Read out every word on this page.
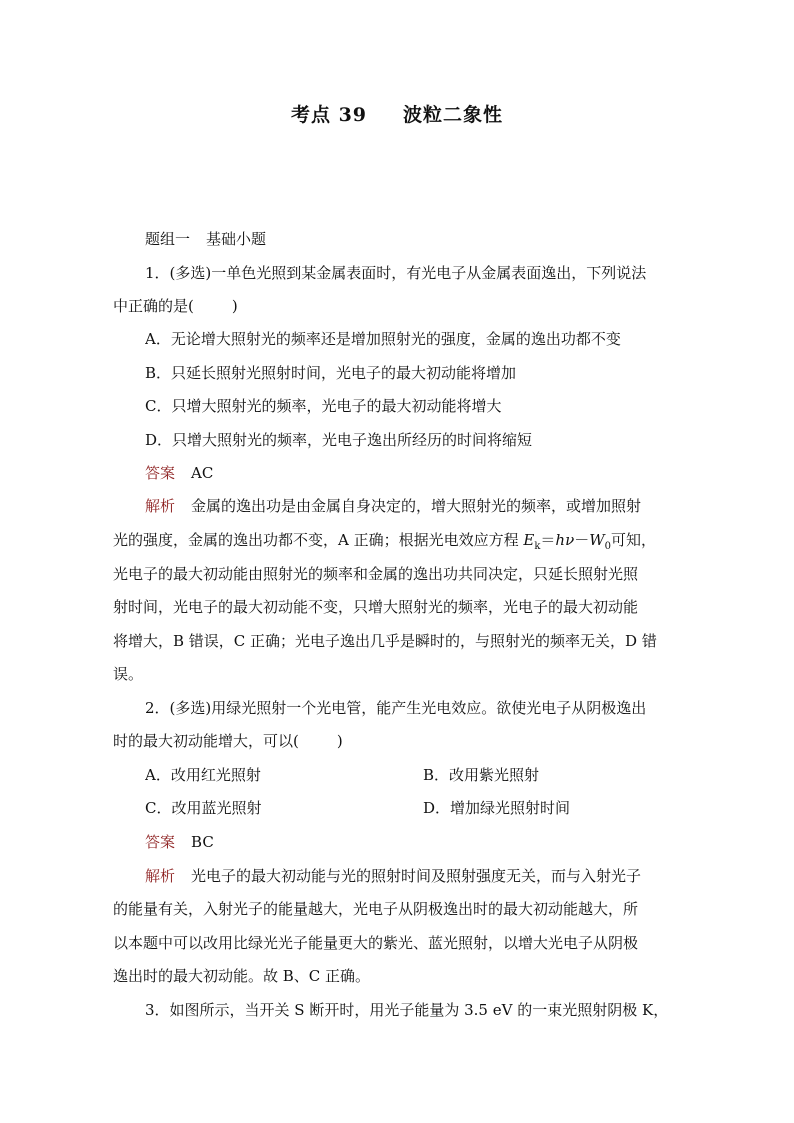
考点 39 波粒二象性
题组一 基础小题
1．(多选)一单色光照到某金属表面时，有光电子从金属表面逸出，下列说法
中正确的是(	)
A．无论增大照射光的频率还是增加照射光的强度，金属的逸出功都不变
B．只延长照射光照射时间，光电子的最大初动能将增加
C．只增大照射光的频率，光电子的最大初动能将增大
D．只增大照射光的频率，光电子逸出所经历的时间将缩短
答案 AC
解析 金属的逸出功是由金属自身决定的，增大照射光的频率，或增加照射
光的强度，金属的逸出功都不变，A 正确；根据光电效应方程 $E_k=h\nu-W_0$可知，
光电子的最大初动能由照射光的频率和金属的逸出功共同决定，只延长照射光照
射时间，光电子的最大初动能不变，只增大照射光的频率，光电子的最大初动能
将增大，B 错误，C 正确；光电子逸出几乎是瞬时的，与照射光的频率无关，D 错
误。
2．(多选)用绿光照射一个光电管，能产生光电效应。欲使光电子从阴极逸出
时的最大初动能增大，可以(	)
A．改用红光照射	B．改用紫光照射
C．改用蓝光照射	D．增加绿光照射时间
答案 BC
解析 光电子的最大初动能与光的照射时间及照射强度无关，而与入射光子
的能量有关，入射光子的能量越大，光电子从阴极逸出时的最大初动能越大，所
以本题中可以改用比绿光光子能量更大的紫光、蓝光照射，以增大光电子从阴极
逸出时的最大初动能。故 B、C 正确。
3．如图所示，当开关 S 断开时，用光子能量为 3.5 eV 的一束光照射阴极 K，
